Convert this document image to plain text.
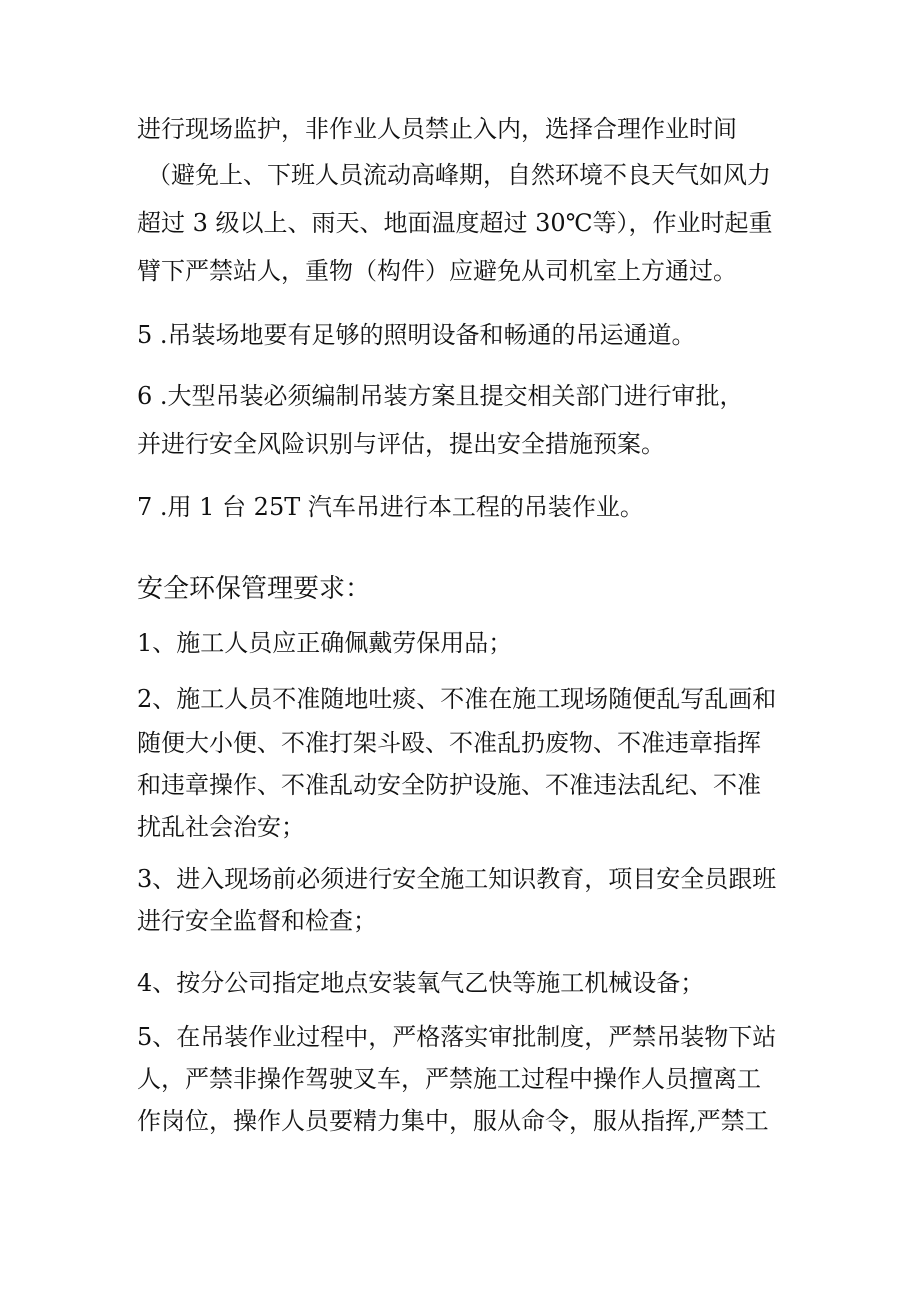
进行现场监护，非作业人员禁止入内，选择合理作业时间
（避免上、下班人员流动高峰期，自然环境不良天气如风力
超过 3 级以上、雨天、地面温度超过 30℃等），作业时起重
臂下严禁站人，重物（构件）应避免从司机室上方通过。
5 .吊装场地要有足够的照明设备和畅通的吊运通道。
6 .大型吊装必须编制吊装方案且提交相关部门进行审批，
并进行安全风险识别与评估，提出安全措施预案。
7 .用 1 台 25T 汽车吊进行本工程的吊装作业。
安全环保管理要求：
1、施工人员应正确佩戴劳保用品；
2、施工人员不准随地吐痰、不准在施工现场随便乱写乱画和
随便大小便、不准打架斗殴、不准乱扔废物、不准违章指挥
和违章操作、不准乱动安全防护设施、不准违法乱纪、不准
扰乱社会治安；
3、进入现场前必须进行安全施工知识教育，项目安全员跟班
进行安全监督和检查；
4、按分公司指定地点安装氧气乙快等施工机械设备；
5、在吊装作业过程中，严格落实审批制度，严禁吊装物下站
人，严禁非操作驾驶叉车，严禁施工过程中操作人员擅离工
作岗位，操作人员要精力集中，服从命令，服从指挥,严禁工
